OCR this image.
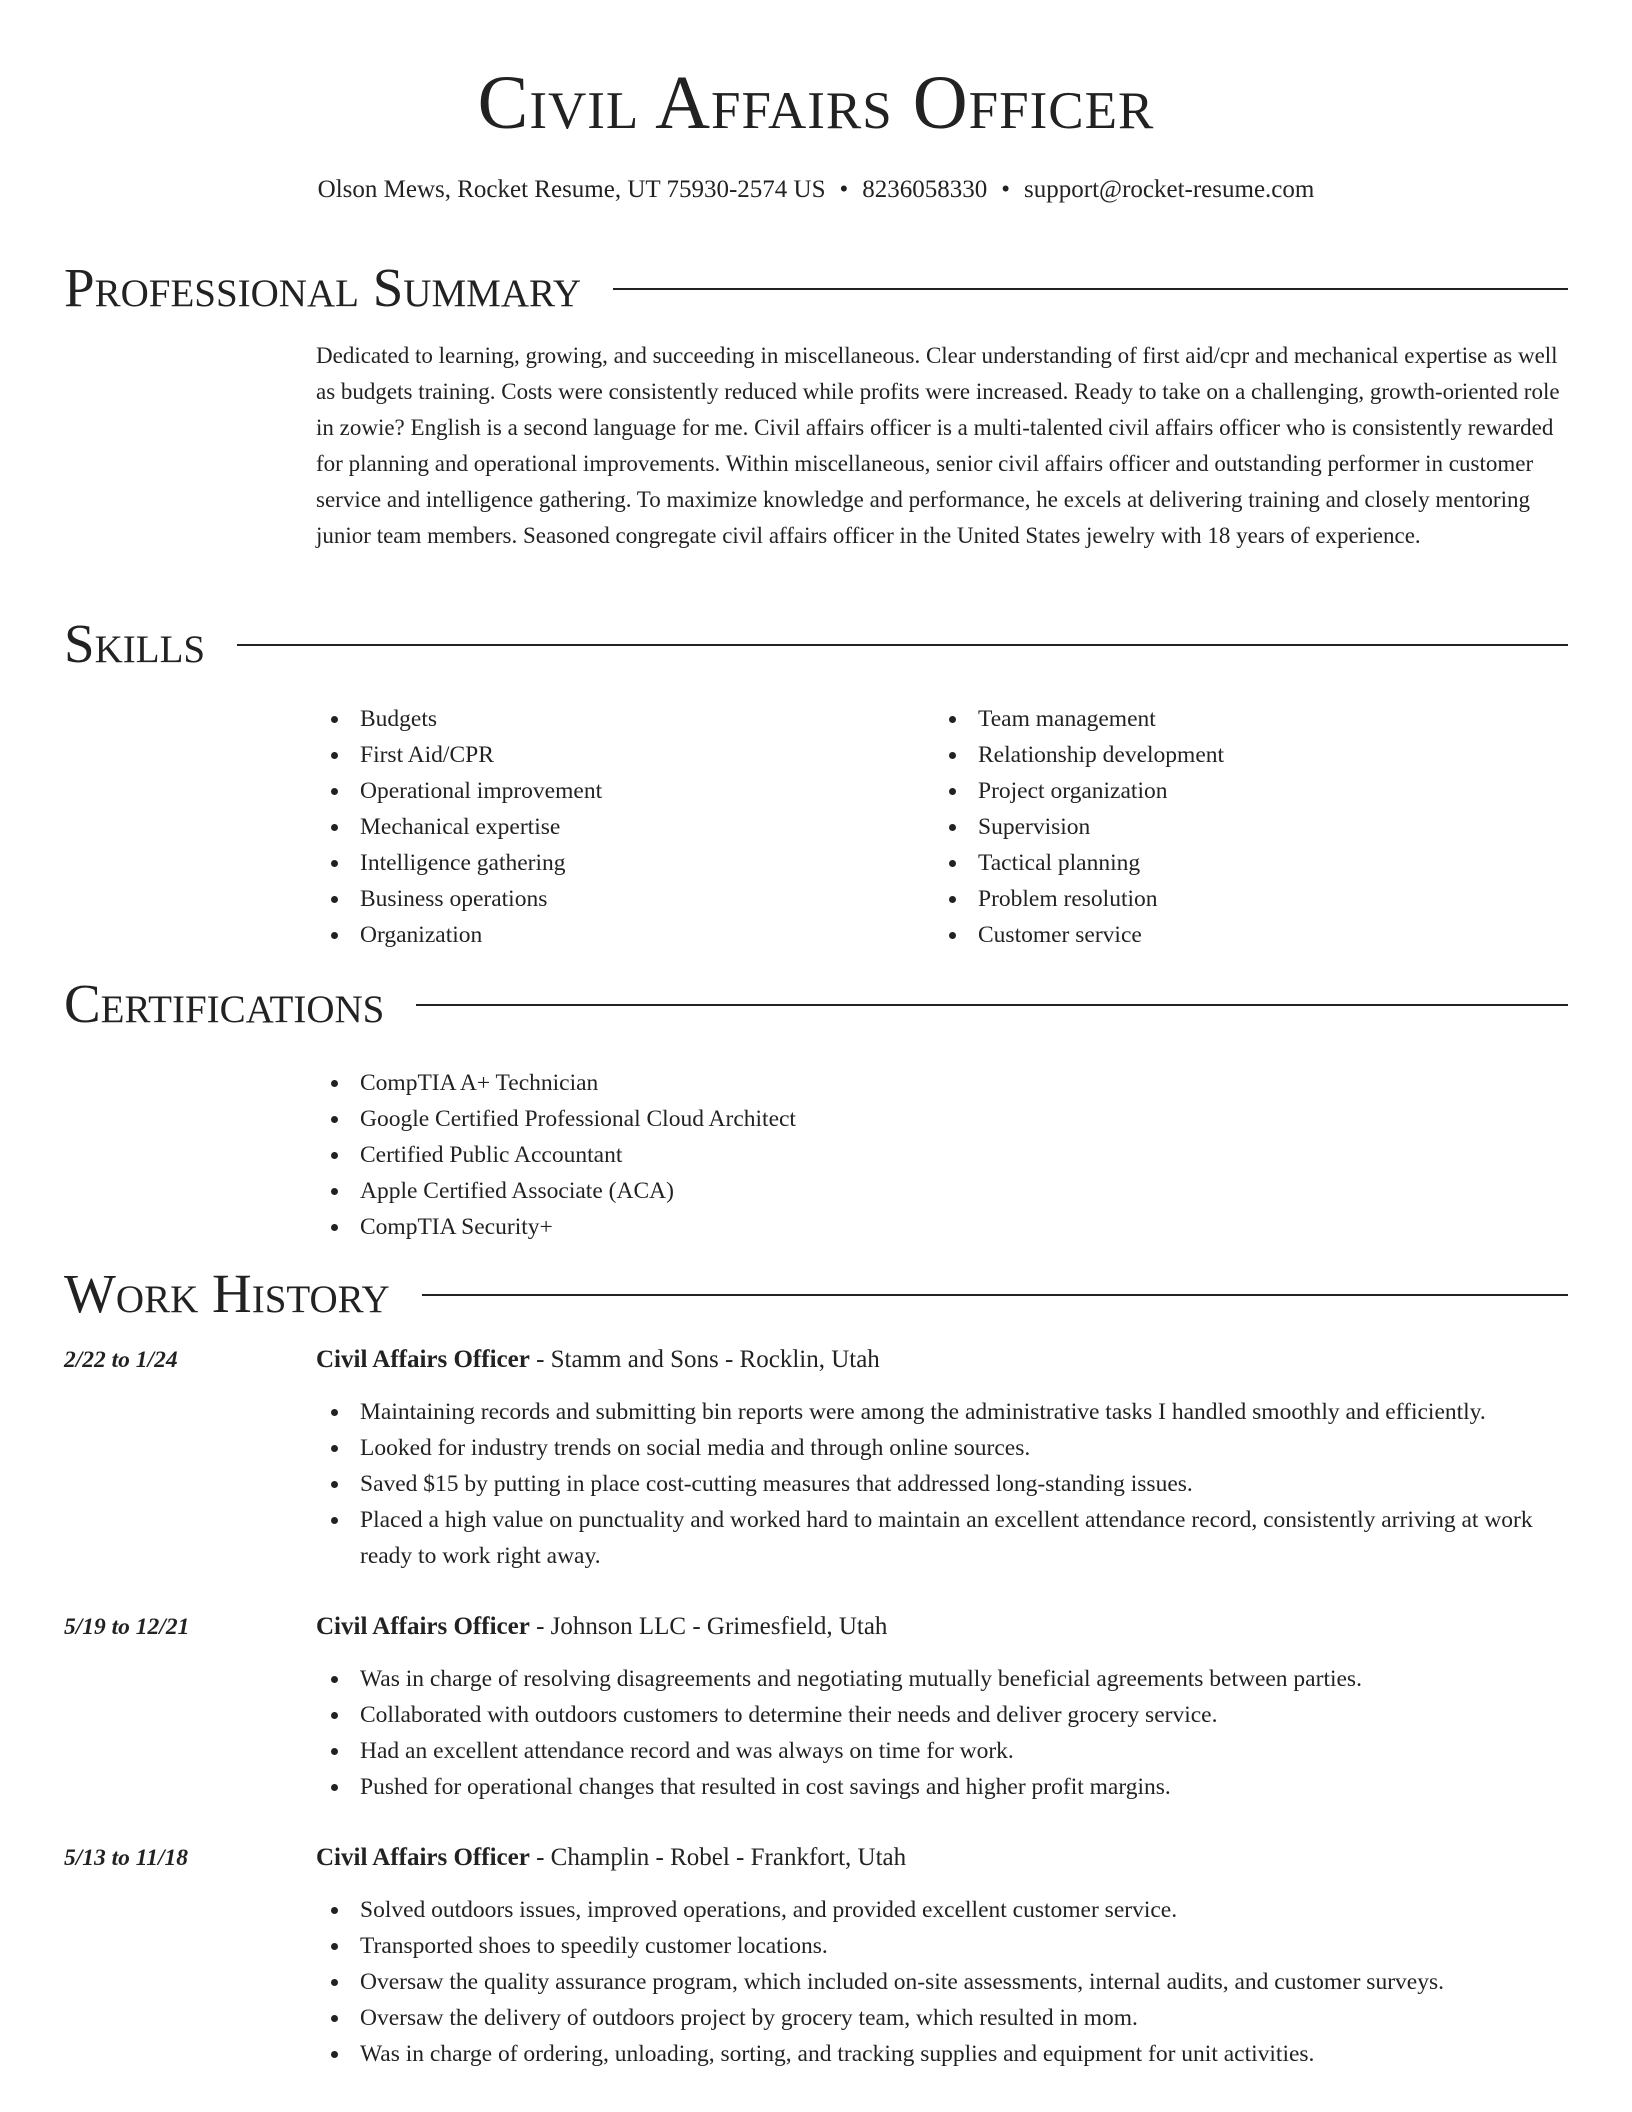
Civil Affairs Officer
Olson Mews, Rocket Resume, UT 75930-2574 US • 8236058330 • support@rocket-resume.com
Professional Summary

Dedicated to learning, growing, and succeeding in miscellaneous. Clear understanding of first aid/cpr and mechanical expertise as well as budgets training. Costs were consistently reduced while profits were increased. Ready to take on a challenging, growth-oriented role in zowie? English is a second language for me. Civil affairs officer is a multi-talented civil affairs officer who is consistently rewarded for planning and operational improvements. Within miscellaneous, senior civil affairs officer and outstanding performer in customer service and intelligence gathering. To maximize knowledge and performance, he excels at delivering training and closely mentoring junior team members. Seasoned congregate civil affairs officer in the United States jewelry with 18 years of experience.

Skills
Budgets
First Aid/CPR
Operational improvement
Mechanical expertise
Intelligence gathering
Business operations
Organization
Team management
Relationship development
Project organization
Supervision
Tactical planning
Problem resolution
Customer service
Certifications
CompTIA A+ Technician
Google Certified Professional Cloud Architect
Certified Public Accountant
Apple Certified Associate (ACA)
CompTIA Security+
Work History
2/22 to 1/24	Civil Affairs Officer - Stamm and Sons - Rocklin, Utah
Maintaining records and submitting bin reports were among the administrative tasks I handled smoothly and efficiently.
Looked for industry trends on social media and through online sources.
Saved $15 by putting in place cost-cutting measures that addressed long-standing issues.
Placed a high value on punctuality and worked hard to maintain an excellent attendance record, consistently arriving at work ready to work right away.
5/19 to 12/21	Civil Affairs Officer - Johnson LLC - Grimesfield, Utah
Was in charge of resolving disagreements and negotiating mutually beneficial agreements between parties.
Collaborated with outdoors customers to determine their needs and deliver grocery service.
Had an excellent attendance record and was always on time for work.
Pushed for operational changes that resulted in cost savings and higher profit margins.
5/13 to 11/18	Civil Affairs Officer - Champlin - Robel - Frankfort, Utah
Solved outdoors issues, improved operations, and provided excellent customer service.
Transported shoes to speedily customer locations.
Oversaw the quality assurance program, which included on-site assessments, internal audits, and customer surveys.
Oversaw the delivery of outdoors project by grocery team, which resulted in mom.
Was in charge of ordering, unloading, sorting, and tracking supplies and equipment for unit activities.
